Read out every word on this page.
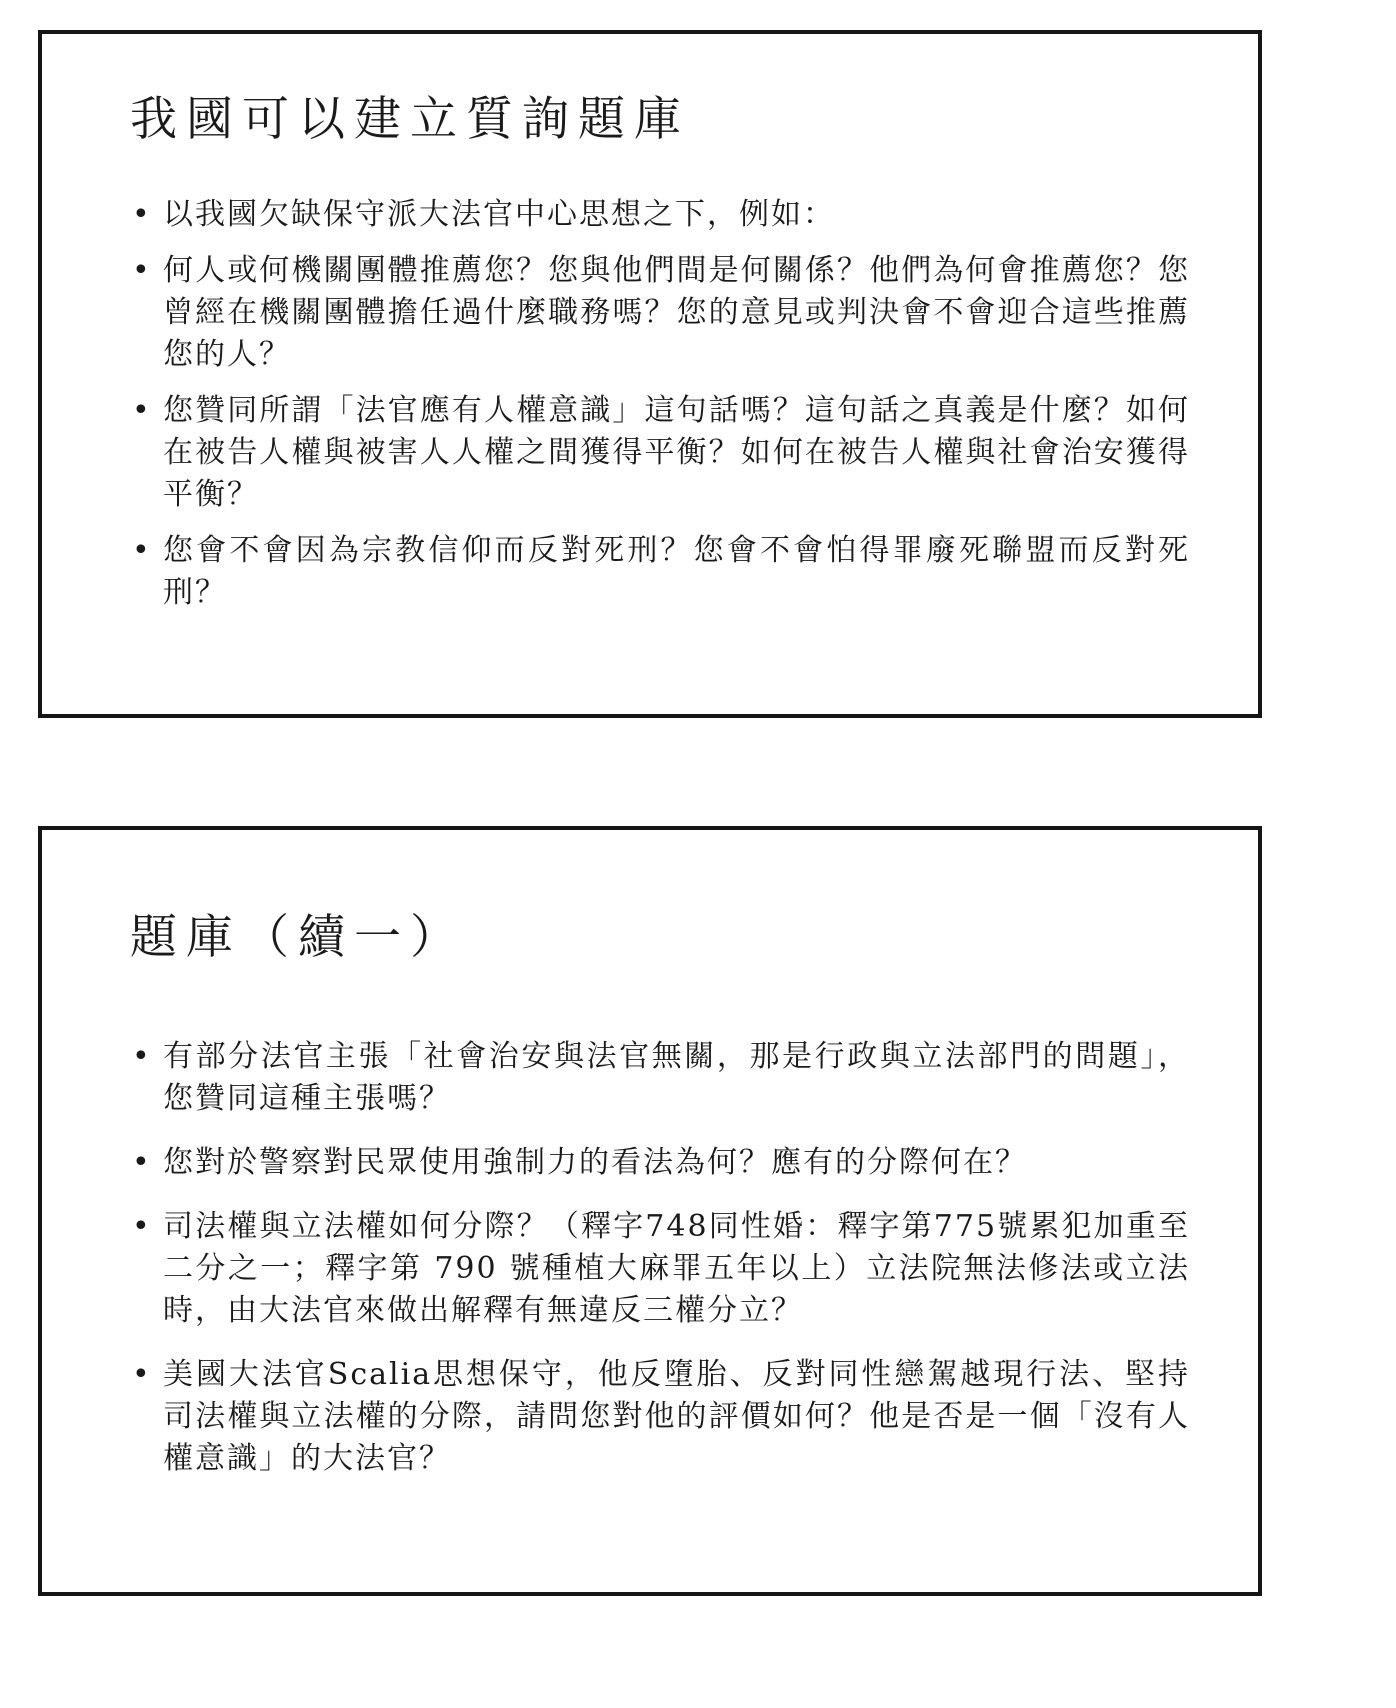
我國可以建立質詢題庫
• 以我國欠缺保守派大法官中心思想之下，例如：
• 何人或何機關團體推薦您？您與他們間是何關係？他們為何會推薦您？您曾經在機關團體擔任過什麼職務嗎？您的意見或判決會不會迎合這些推薦您的人？
• 您贊同所謂「法官應有人權意識」這句話嗎？這句話之真義是什麼？如何在被告人權與被害人人權之間獲得平衡？如何在被告人權與社會治安獲得平衡？
• 您會不會因為宗教信仰而反對死刑？您會不會怕得罪廢死聯盟而反對死刑？
題庫（續一）
• 有部分法官主張「社會治安與法官無關，那是行政與立法部門的問題」，您贊同這種主張嗎？
• 您對於警察對民眾使用強制力的看法為何？應有的分際何在？
• 司法權與立法權如何分際？（釋字748同性婚：釋字第775號累犯加重至二分之一；釋字第 790 號種植大麻罪五年以上）立法院無法修法或立法時，由大法官來做出解釋有無違反三權分立？
• 美國大法官Scalia思想保守，他反墮胎、反對同性戀駕越現行法、堅持司法權與立法權的分際，請問您對他的評價如何？他是否是一個「沒有人權意識」的大法官？
